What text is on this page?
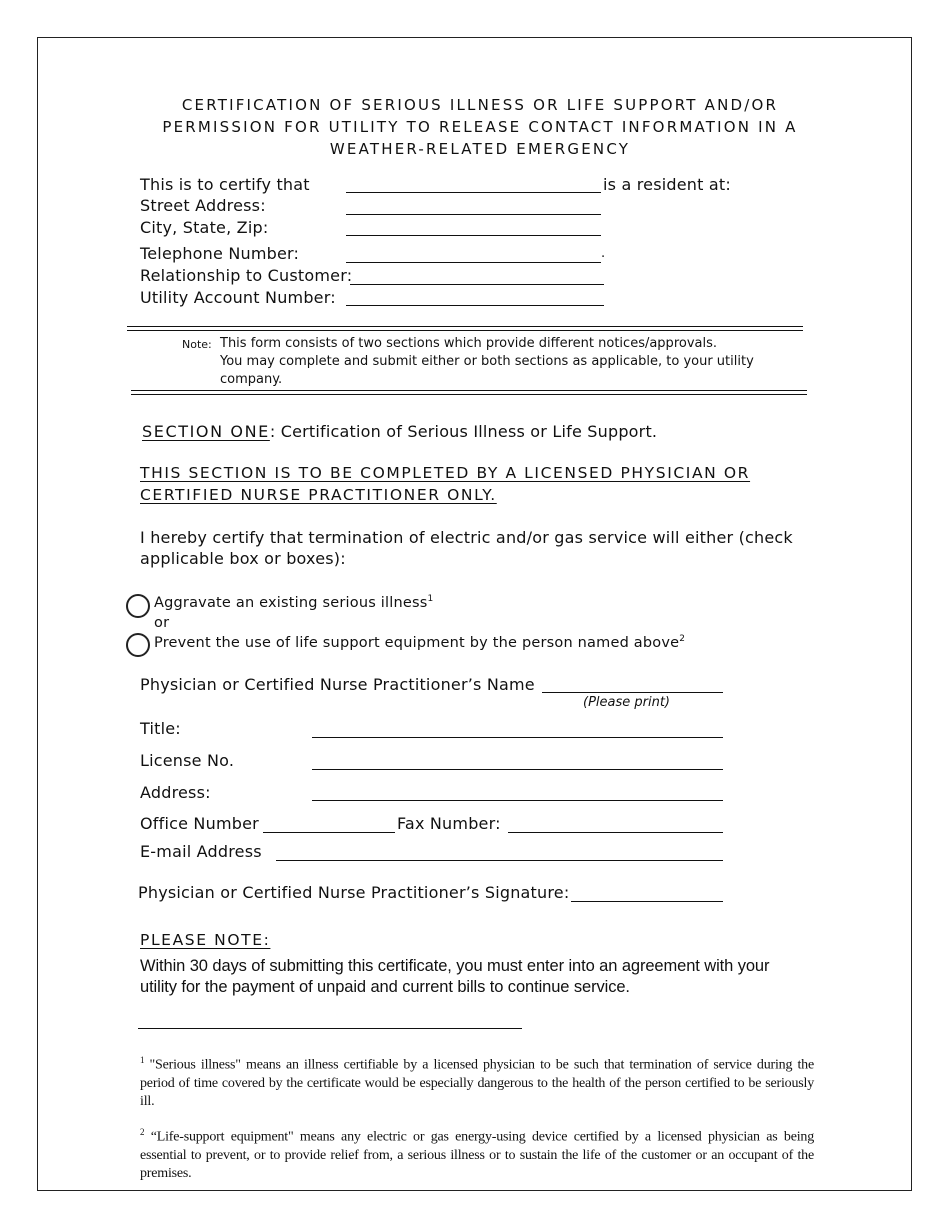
CERTIFICATION OF SERIOUS ILLNESS OR LIFE SUPPORT AND/OR
PERMISSION FOR UTILITY TO RELEASE CONTACT INFORMATION IN A
WEATHER-RELATED EMERGENCY
This is to certify that	is a resident at:
Street Address:
City, State, Zip:
Telephone Number:	.
Relationship to Customer:
Utility Account Number:
Note: This form consists of two sections which provide different notices/approvals.
You may complete and submit either or both sections as applicable, to your utility
company.
SECTION ONE: Certification of Serious Illness or Life Support.
THIS SECTION IS TO BE COMPLETED BY A LICENSED PHYSICIAN OR
CERTIFIED NURSE PRACTITIONER ONLY.
I hereby certify that termination of electric and/or gas service will either (check
applicable box or boxes):
Aggravate an existing serious illness$^1$
or
Prevent the use of life support equipment by the person named above$^2$
Physician or Certified Nurse Practitioner’s Name
(Please print)
Title:
License No.
Address:
Office Number	Fax Number:
E-mail Address
Physician or Certified Nurse Practitioner’s Signature:
PLEASE NOTE:
Within 30 days of submitting this certificate, you must enter into an agreement with your
utility for the payment of unpaid and current bills to continue service.
$^1$ "Serious illness" means an illness certifiable by a licensed physician to be such that termination of service during the period of time covered by the certificate would be especially dangerous to the health of the person certified to be seriously ill.
$^2$ “Life-support equipment" means any electric or gas energy-using device certified by a licensed physician as being essential to prevent, or to provide relief from, a serious illness or to sustain the life of the customer or an occupant of the premises.
